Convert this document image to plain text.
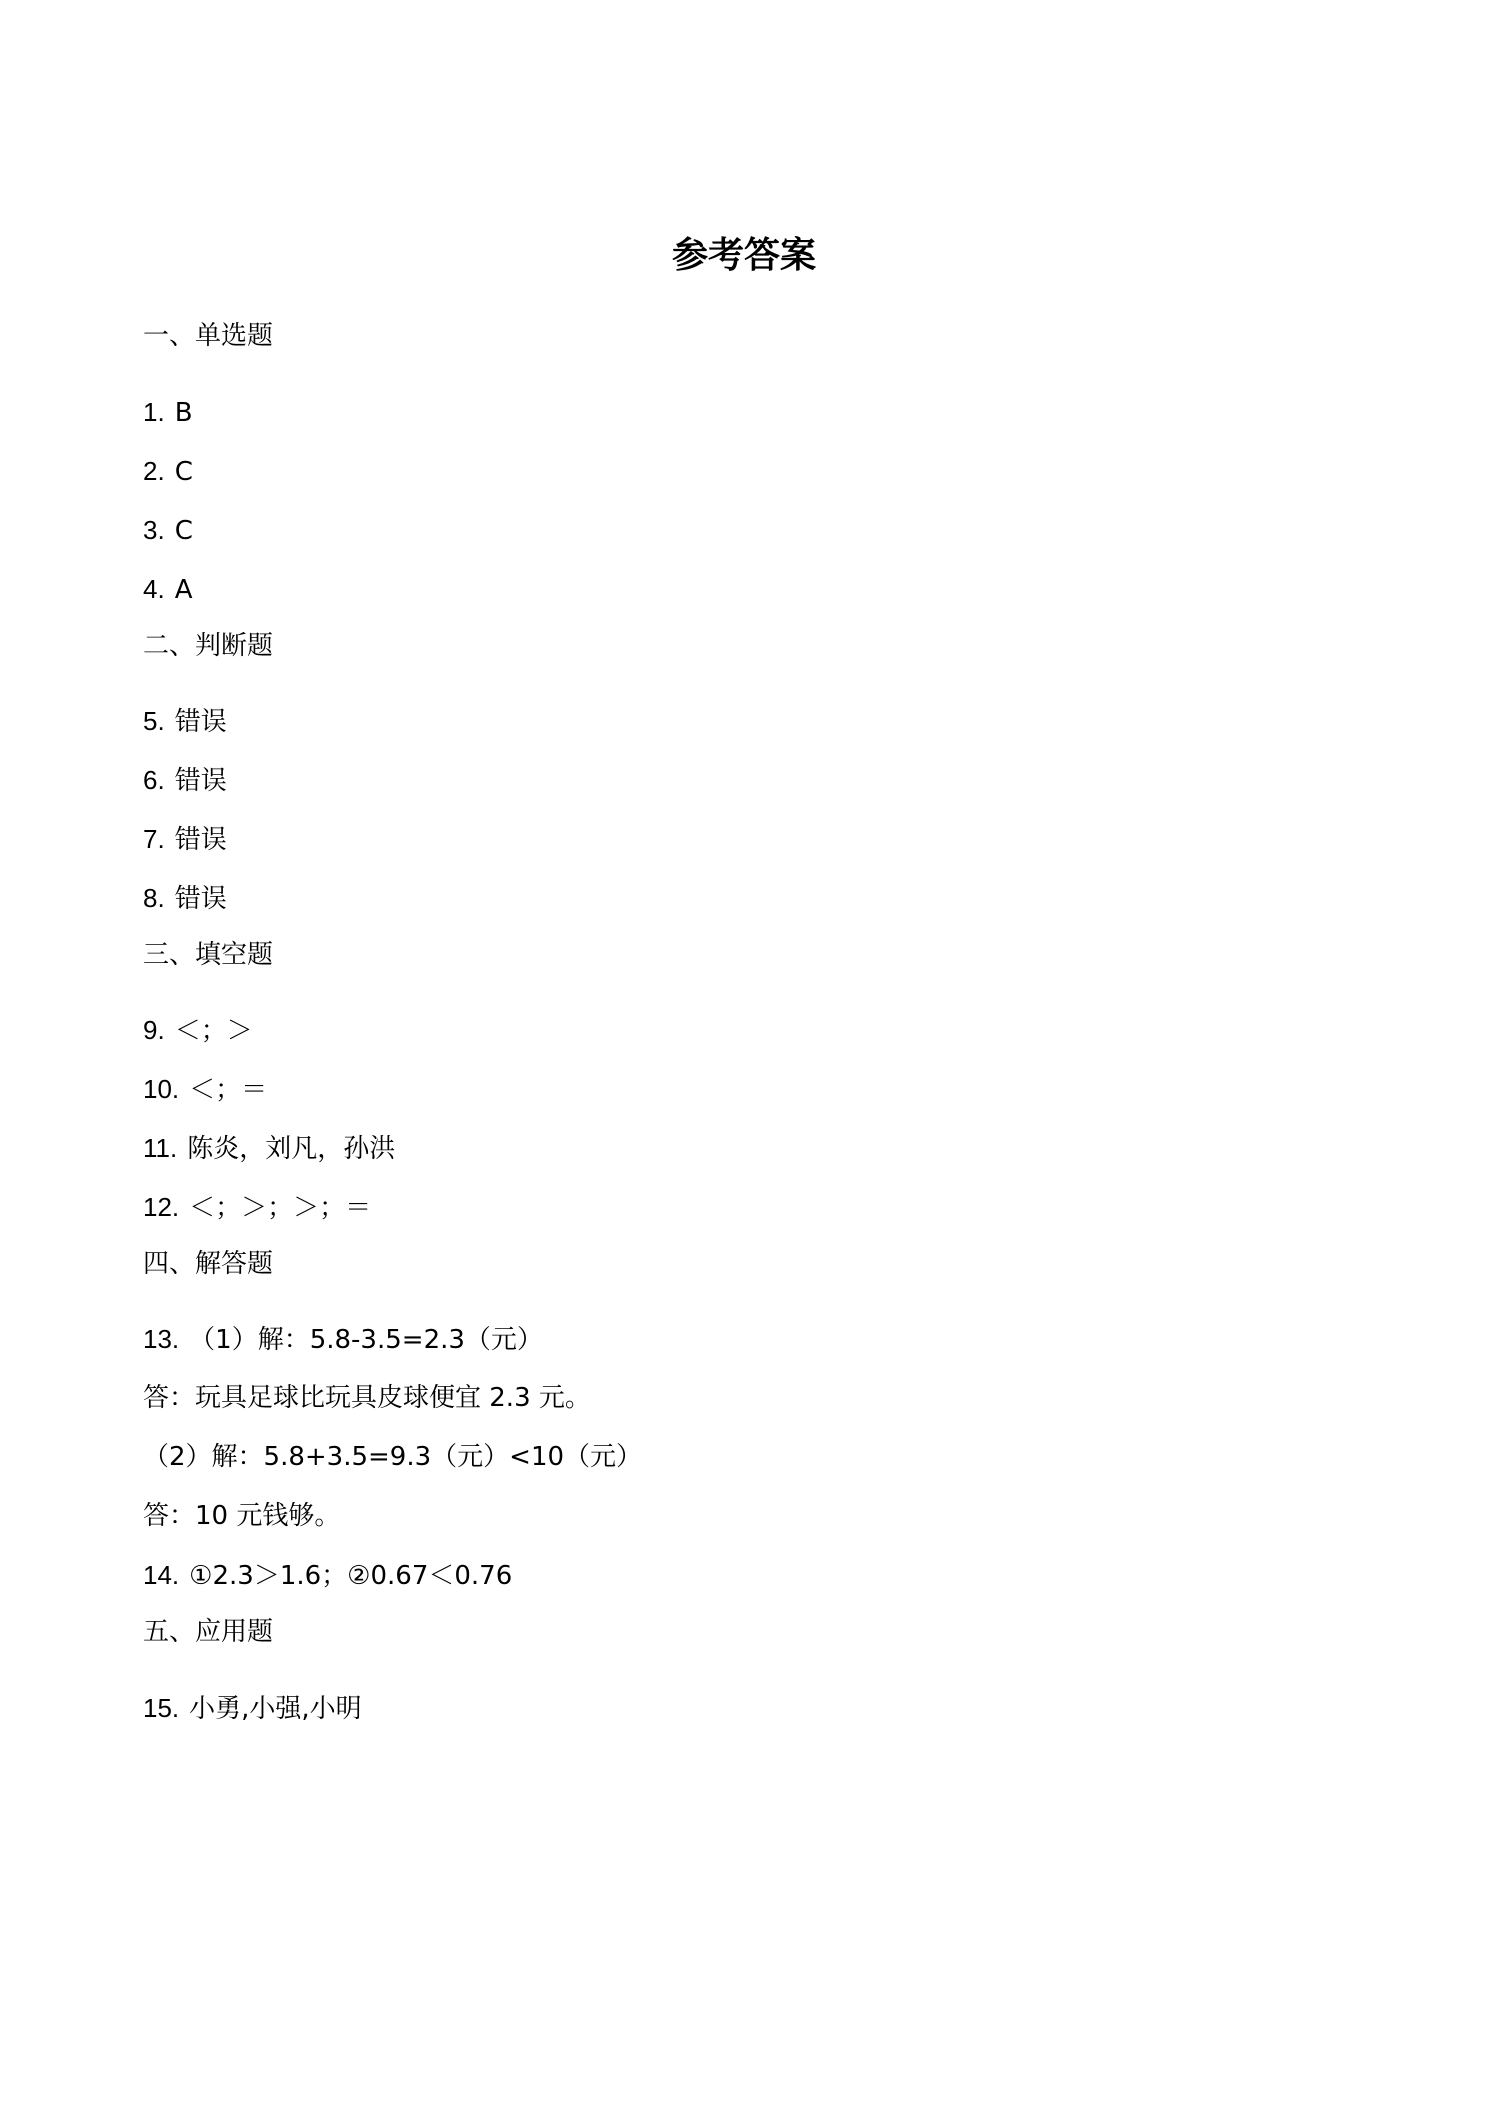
参考答案
一、单选题
1. B
2. C
3. C
4. A
二、判断题
5. 错误
6. 错误
7. 错误
8. 错误
三、填空题
9. ＜；＞
10. ＜；＝
11. 陈炎，刘凡，孙洪
12. ＜；＞；＞；＝
四、解答题
13. （1）解：5.8-3.5=2.3（元）
答：玩具足球比玩具皮球便宜 2.3 元。
（2）解：5.8+3.5=9.3（元）<10（元）
答：10 元钱够。
14. ①2.3＞1.6；②0.67＜0.76
五、应用题
15. 小勇,小强,小明
